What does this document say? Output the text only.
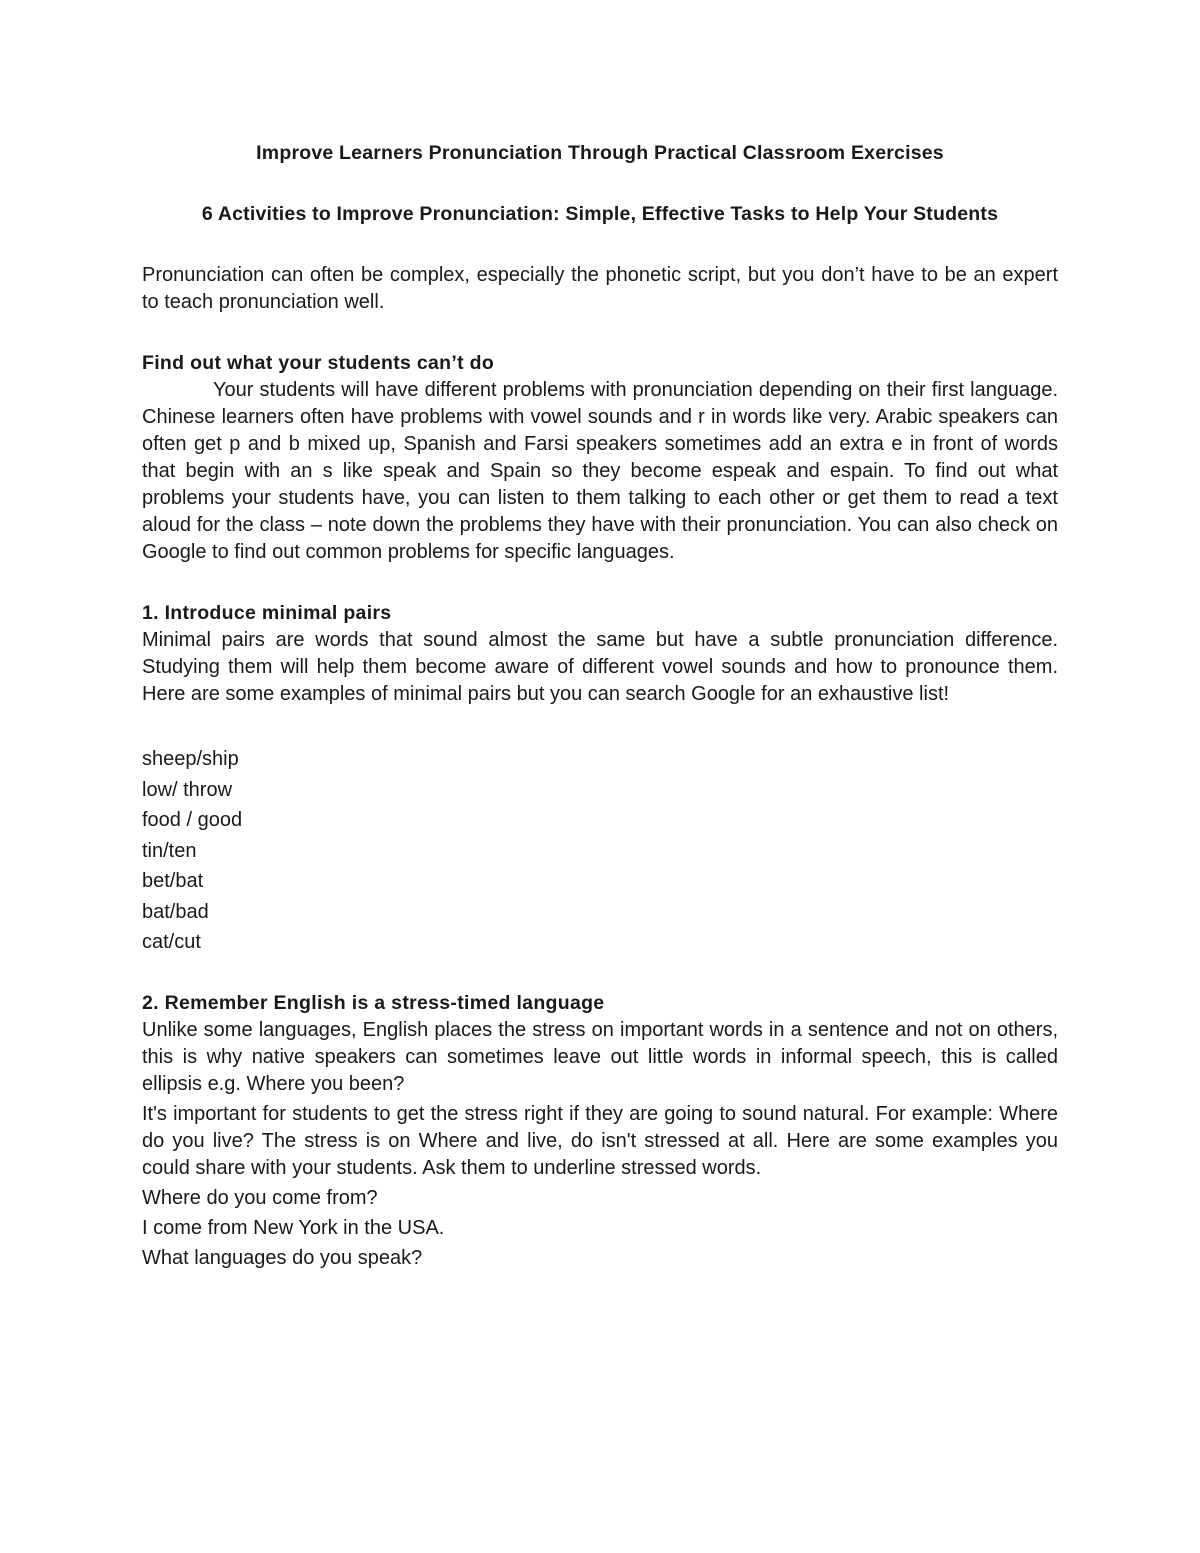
Improve Learners Pronunciation Through Practical Classroom Exercises
6 Activities to Improve Pronunciation: Simple, Effective Tasks to Help Your Students

Pronunciation can often be complex, especially the phonetic script, but you don’t have to be an expert to teach pronunciation well.

Find out what your students can’t do

Your students will have different problems with pronunciation depending on their first language. Chinese learners often have problems with vowel sounds and r in words like very. Arabic speakers can often get p and b mixed up, Spanish and Farsi speakers sometimes add an extra e in front of words that begin with an s like speak and Spain so they become espeak and espain. To find out what problems your students have, you can listen to them talking to each other or get them to read a text aloud for the class – note down the problems they have with their pronunciation. You can also check on Google to find out common problems for specific languages.

1. Introduce minimal pairs

Minimal pairs are words that sound almost the same but have a subtle pronunciation difference. Studying them will help them become aware of different vowel sounds and how to pronounce them. Here are some examples of minimal pairs but you can search Google for an exhaustive list!

sheep/ship
low/ throw
food / good
tin/ten
bet/bat
bat/bad
cat/cut
2. Remember English is a stress-timed language

Unlike some languages, English places the stress on important words in a sentence and not on others, this is why native speakers can sometimes leave out little words in informal speech, this is called ellipsis e.g. Where you been?

It's important for students to get the stress right if they are going to sound natural. For example: Where do you live? The stress is on Where and live, do isn't stressed at all. Here are some examples you could share with your students. Ask them to underline stressed words.

Where do you come from?

I come from New York in the USA.

What languages do you speak?
